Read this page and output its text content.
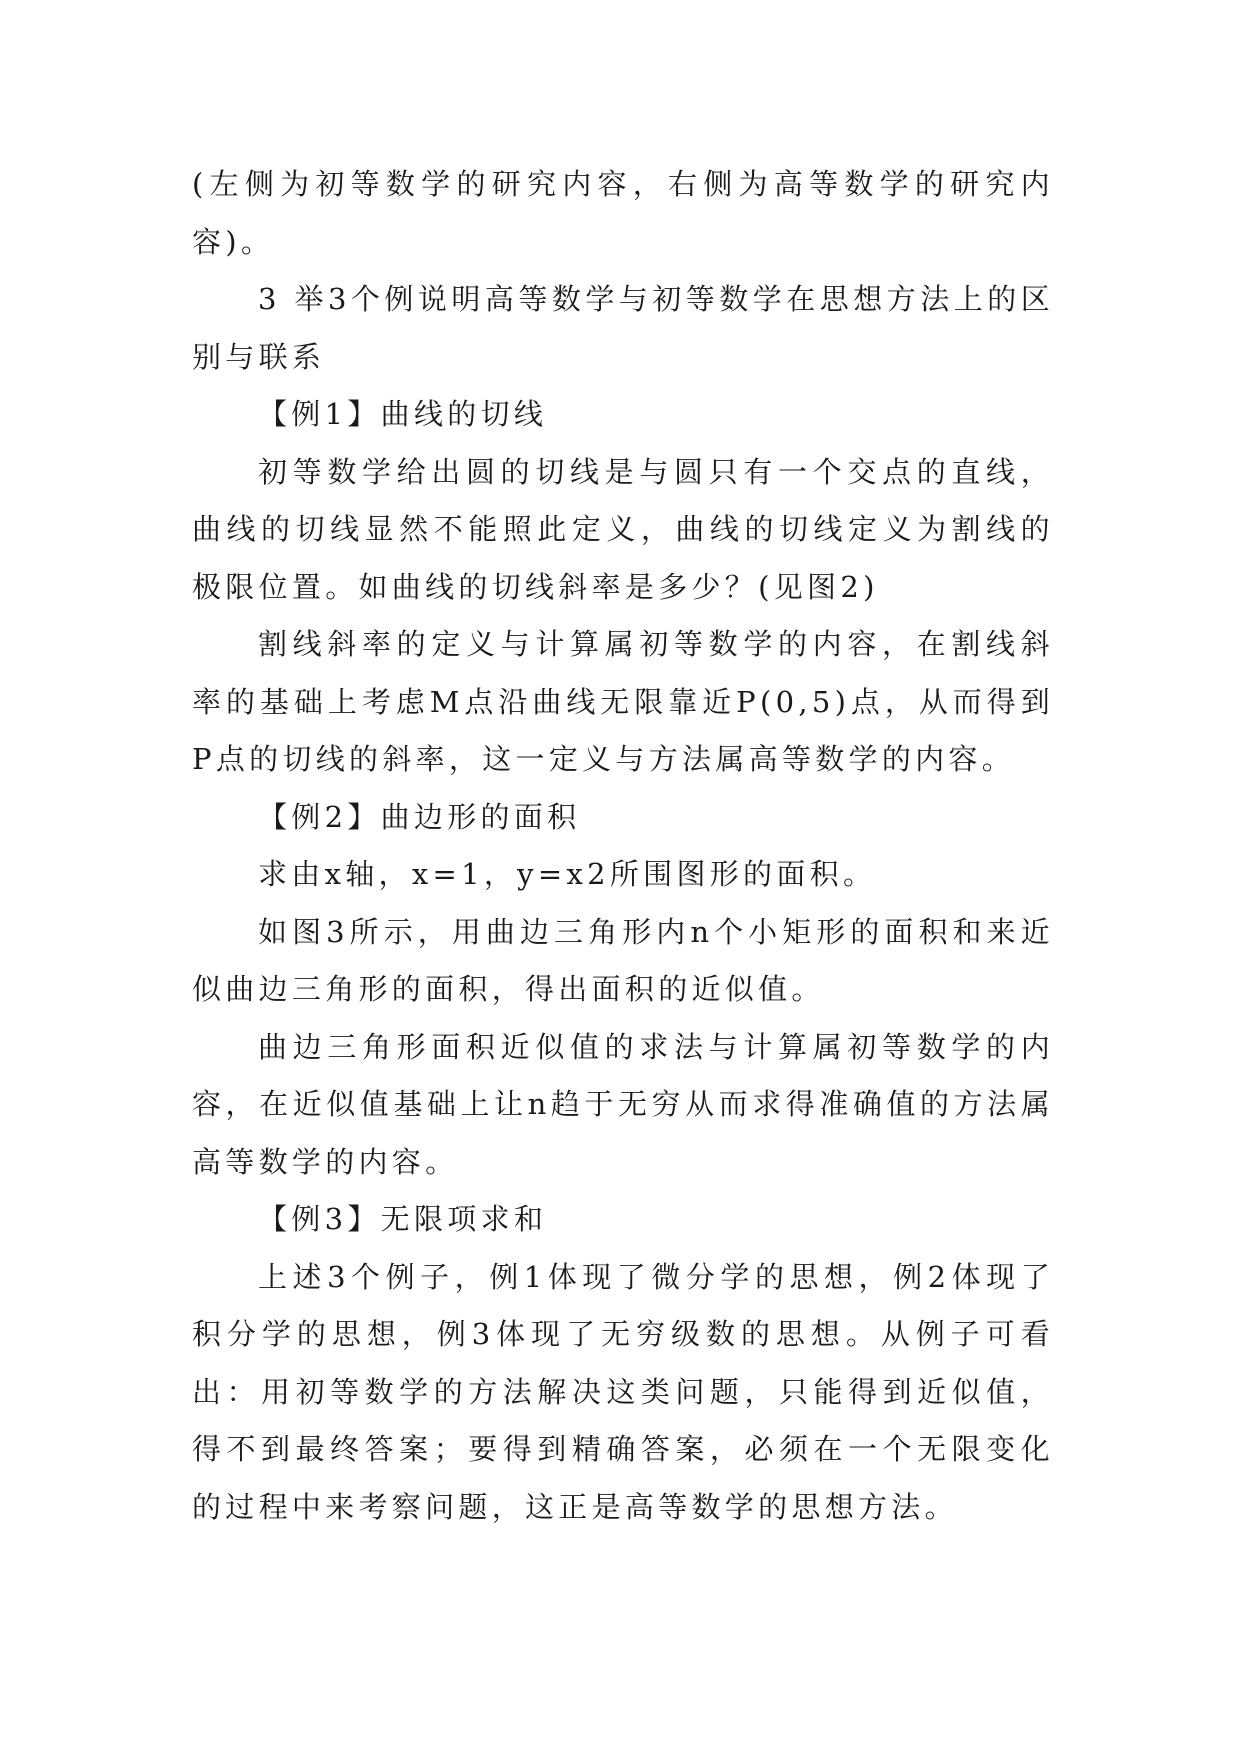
(左侧为初等数学的研究内容，右侧为高等数学的研究内容)。

3 举3个例说明高等数学与初等数学在思想方法上的区别与联系

【例1】曲线的切线

初等数学给出圆的切线是与圆只有一个交点的直线，曲线的切线显然不能照此定义，曲线的切线定义为割线的极限位置。如曲线的切线斜率是多少？(见图2)

割线斜率的定义与计算属初等数学的内容，在割线斜率的基础上考虑M点沿曲线无限靠近P(0,5)点，从而得到P点的切线的斜率，这一定义与方法属高等数学的内容。

【例2】曲边形的面积

求由x轴，x=1，y=x2所围图形的面积。

如图3所示，用曲边三角形内n个小矩形的面积和来近似曲边三角形的面积，得出面积的近似值。

曲边三角形面积近似值的求法与计算属初等数学的内容，在近似值基础上让n趋于无穷从而求得准确值的方法属高等数学的内容。

【例3】无限项求和

上述3个例子，例1体现了微分学的思想，例2体现了积分学的思想，例3体现了无穷级数的思想。从例子可看出：用初等数学的方法解决这类问题，只能得到近似值，得不到最终答案；要得到精确答案，必须在一个无限变化的过程中来考察问题，这正是高等数学的思想方法。
